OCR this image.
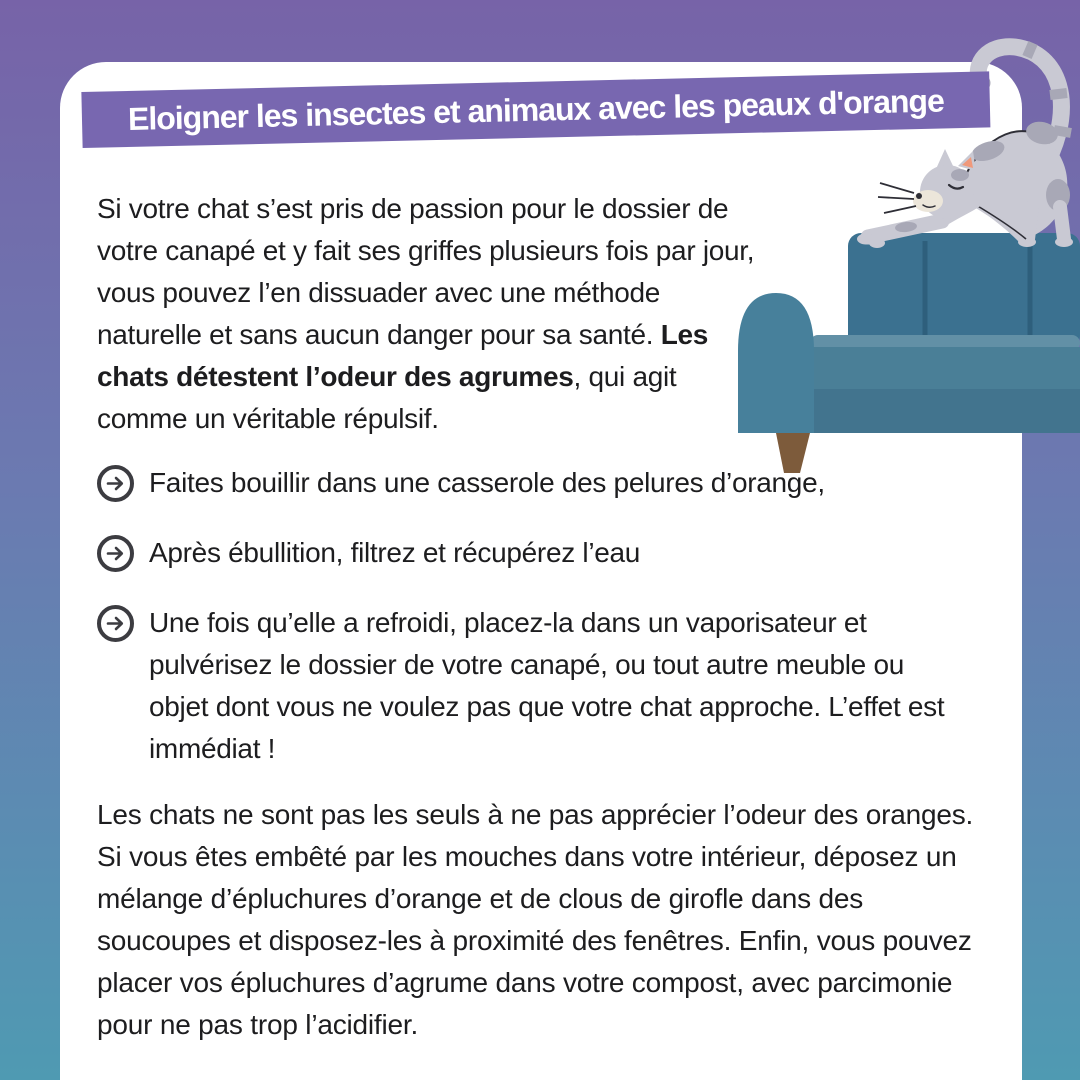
Eloigner les insectes et animaux avec les peaux d'orange

Si votre chat s’est pris de passion pour le dossier de votre canapé et y fait ses griffes plusieurs fois par jour, vous pouvez l’en dissuader avec une méthode naturelle et sans aucun danger pour sa santé. Les chats détestent l’odeur des agrumes, qui agit comme un véritable répulsif.

Faites bouillir dans une casserole des pelures d’orange,
Après ébullition, filtrez et récupérez l’eau
Une fois qu’elle a refroidi, placez-la dans un vaporisateur et pulvérisez le dossier de votre canapé, ou tout autre meuble ou objet dont vous ne voulez pas que votre chat approche. L’effet est immédiat !

Les chats ne sont pas les seuls à ne pas apprécier l’odeur des oranges. Si vous êtes embêté par les mouches dans votre intérieur, déposez un mélange d’épluchures d’orange et de clous de girofle dans des soucoupes et disposez-les à proximité des fenêtres. Enfin, vous pouvez placer vos épluchures d’agrume dans votre compost, avec parcimonie pour ne pas trop l’acidifier.
